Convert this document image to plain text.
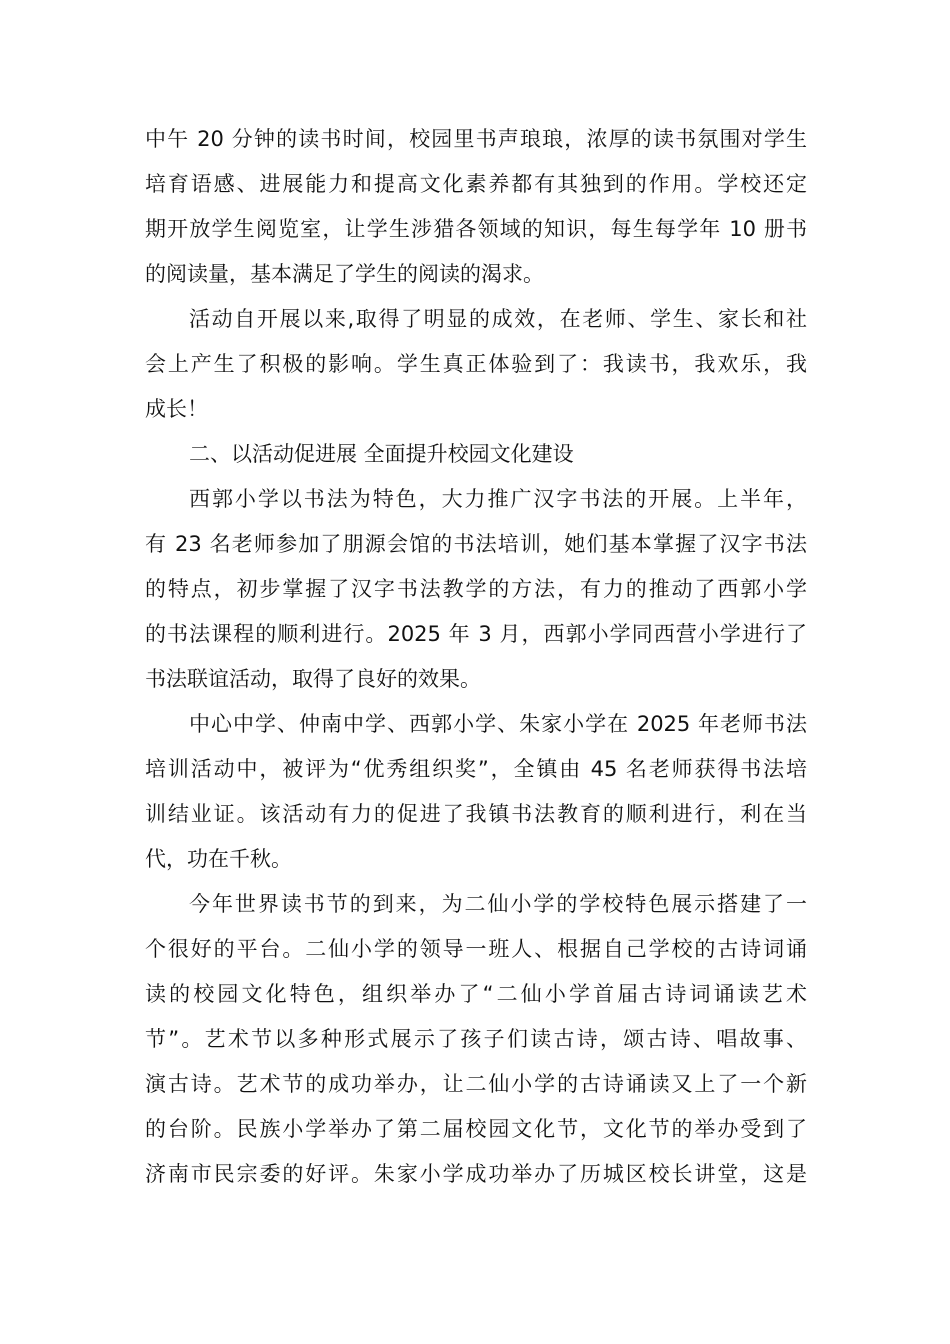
中午 20 分钟的读书时间，校园里书声琅琅，浓厚的读书氛围对学生
培育语感、进展能力和提高文化素养都有其独到的作用。学校还定
期开放学生阅览室，让学生涉猎各领域的知识，每生每学年 10 册书
的阅读量，基本满足了学生的阅读的渴求。
活动自开展以来,取得了明显的成效，在老师、学生、家长和社
会上产生了积极的影响。学生真正体验到了：我读书，我欢乐，我
成长！
二、以活动促进展 全面提升校园文化建设
西郭小学以书法为特色，大力推广汉字书法的开展。上半年，
有 23 名老师参加了朋源会馆的书法培训，她们基本掌握了汉字书法
的特点，初步掌握了汉字书法教学的方法，有力的推动了西郭小学
的书法课程的顺利进行。2025 年 3 月，西郭小学同西营小学进行了
书法联谊活动，取得了良好的效果。
中心中学、仲南中学、西郭小学、朱家小学在 2025 年老师书法
培训活动中，被评为“优秀组织奖”，全镇由 45 名老师获得书法培
训结业证。该活动有力的促进了我镇书法教育的顺利进行，利在当
代，功在千秋。
今年世界读书节的到来，为二仙小学的学校特色展示搭建了一
个很好的平台。二仙小学的领导一班人、根据自己学校的古诗词诵
读的校园文化特色，组织举办了“二仙小学首届古诗词诵读艺术
节”。艺术节以多种形式展示了孩子们读古诗，颂古诗、唱故事、
演古诗。艺术节的成功举办，让二仙小学的古诗诵读又上了一个新
的台阶。民族小学举办了第二届校园文化节，文化节的举办受到了
济南市民宗委的好评。朱家小学成功举办了历城区校长讲堂，这是
